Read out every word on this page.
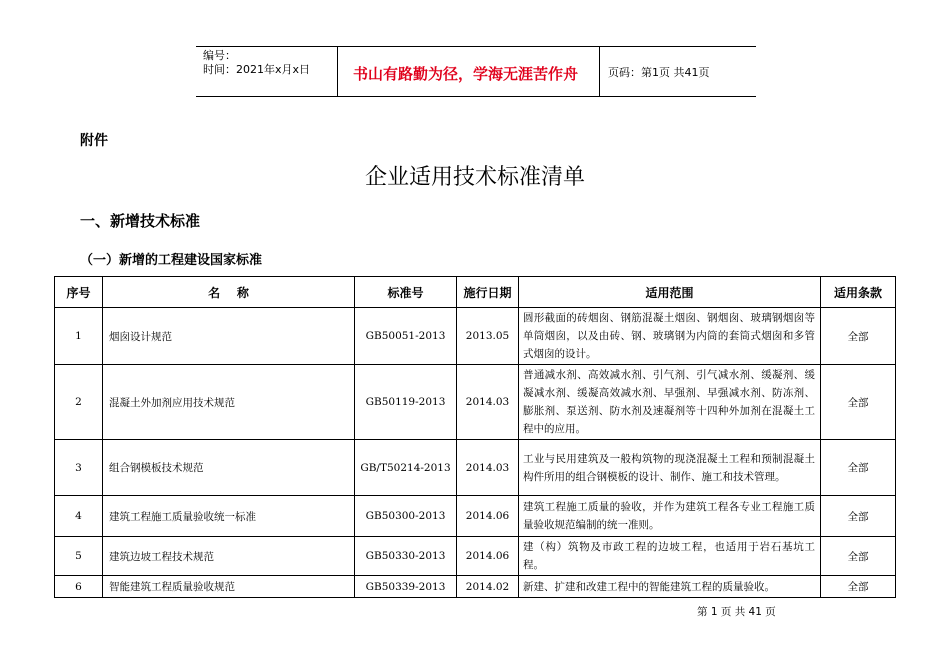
编号：
时间：2021年x月x日	书山有路勤为径，学海无涯苦作舟	页码：第1页 共41页
附件
企业适用技术标准清单
一、新增技术标准
（一）新增的工程建设国家标准
序号	名    称	标准号	施行日期	适用范围	适用条款
1	烟囱设计规范	GB50051-2013	2013.05	圆形截面的砖烟囱、钢筋混凝土烟囱、钢烟囱、玻璃钢烟囱等单筒烟囱，以及由砖、钢、玻璃钢为内筒的套筒式烟囱和多管式烟囱的设计。	全部
2	混凝土外加剂应用技术规范	GB50119-2013	2014.03	普通减水剂、高效减水剂、引气剂、引气减水剂、缓凝剂、缓凝减水剂、缓凝高效减水剂、早强剂、早强减水剂、防冻剂、膨胀剂、泵送剂、防水剂及速凝剂等十四种外加剂在混凝土工程中的应用。	全部
3	组合钢模板技术规范	GB/T50214-2013	2014.03	工业与民用建筑及一般构筑物的现浇混凝土工程和预制混凝土构件所用的组合钢模板的设计、制作、施工和技术管理。	全部
4	建筑工程施工质量验收统一标准	GB50300-2013	2014.06	建筑工程施工质量的验收，并作为建筑工程各专业工程施工质量验收规范编制的统一准则。	全部
5	建筑边坡工程技术规范	GB50330-2013	2014.06	建（构）筑物及市政工程的边坡工程，也适用于岩石基坑工程。	全部
6	智能建筑工程质量验收规范	GB50339-2013	2014.02	新建、扩建和改建工程中的智能建筑工程的质量验收。	全部
第 1 页 共 41 页
